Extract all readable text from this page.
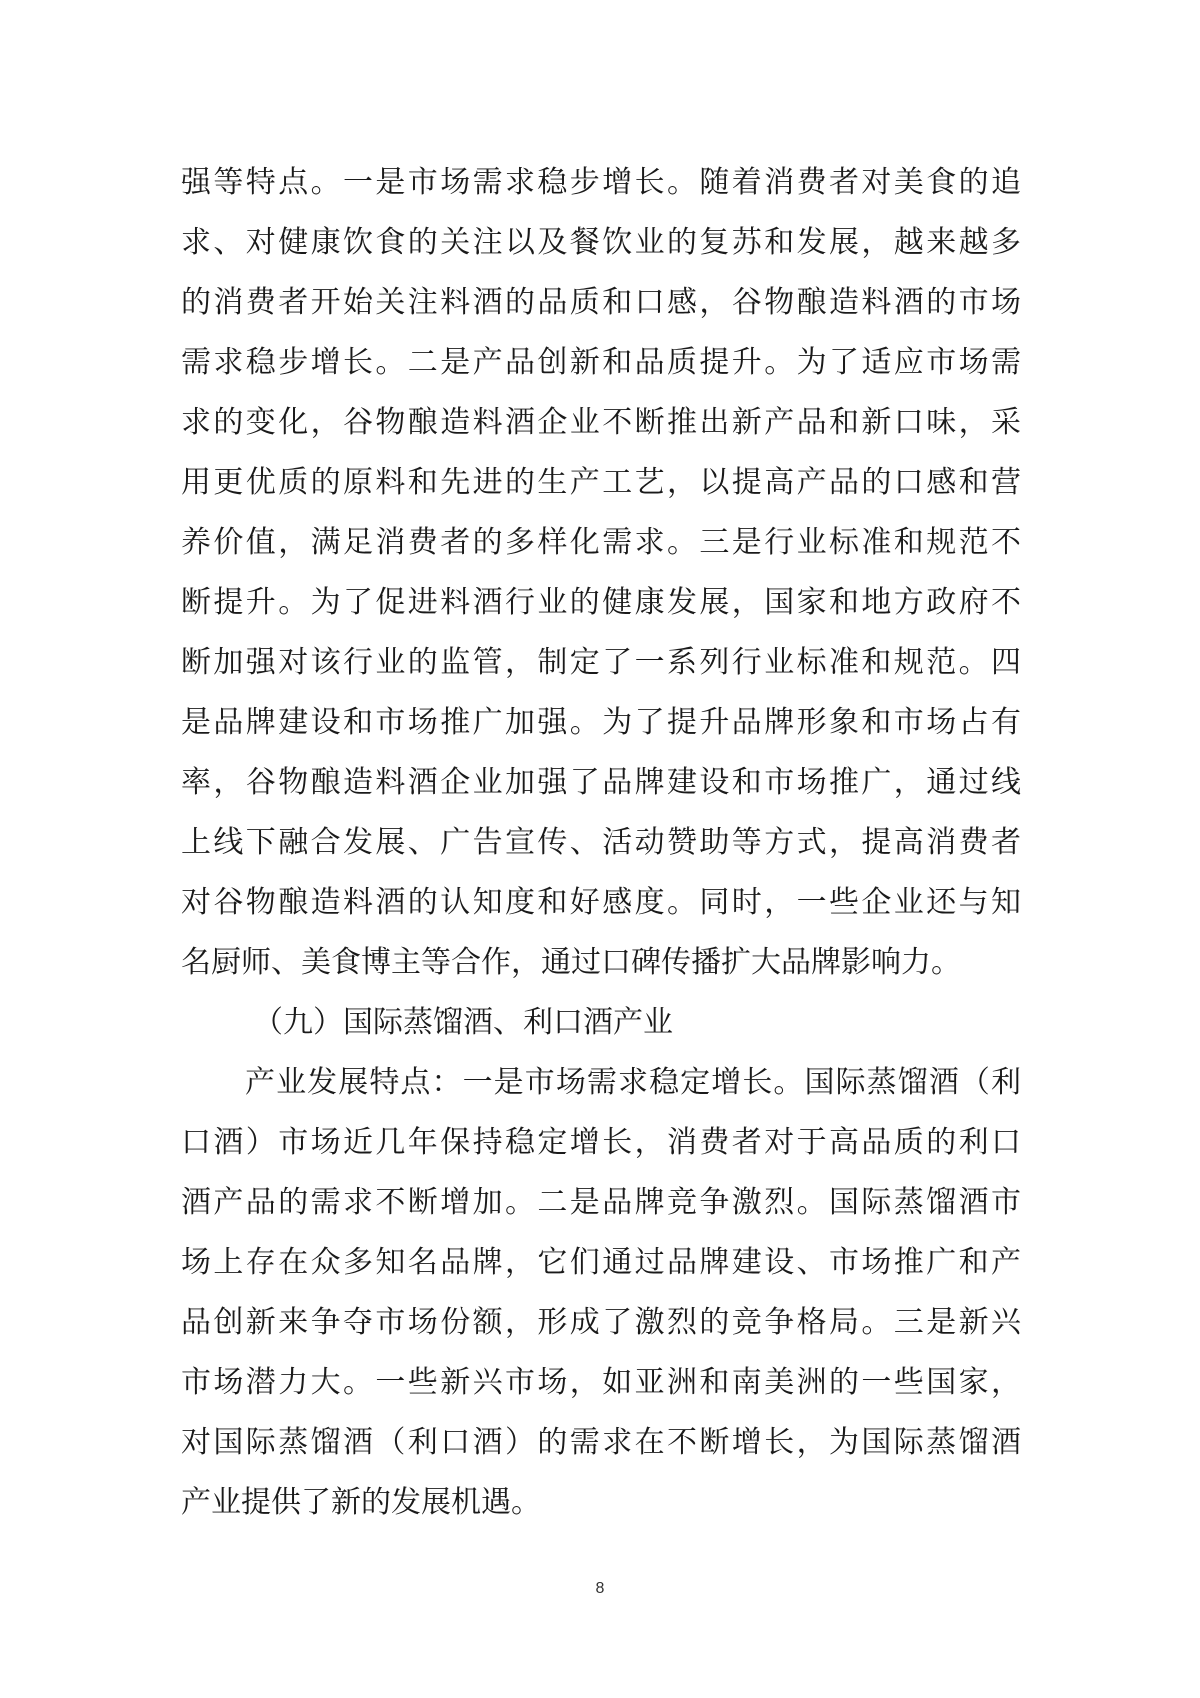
强等特点。一是市场需求稳步增长。随着消费者对美食的追
求、对健康饮食的关注以及餐饮业的复苏和发展，越来越多
的消费者开始关注料酒的品质和口感，谷物酿造料酒的市场
需求稳步增长。二是产品创新和品质提升。为了适应市场需
求的变化，谷物酿造料酒企业不断推出新产品和新口味，采
用更优质的原料和先进的生产工艺，以提高产品的口感和营
养价值，满足消费者的多样化需求。三是行业标准和规范不
断提升。为了促进料酒行业的健康发展，国家和地方政府不
断加强对该行业的监管，制定了一系列行业标准和规范。四
是品牌建设和市场推广加强。为了提升品牌形象和市场占有
率，谷物酿造料酒企业加强了品牌建设和市场推广，通过线
上线下融合发展、广告宣传、活动赞助等方式，提高消费者
对谷物酿造料酒的认知度和好感度。同时，一些企业还与知
名厨师、美食博主等合作，通过口碑传播扩大品牌影响力。
（九）国际蒸馏酒、利口酒产业
产业发展特点：一是市场需求稳定增长。国际蒸馏酒（利
口酒）市场近几年保持稳定增长，消费者对于高品质的利口
酒产品的需求不断增加。二是品牌竞争激烈。国际蒸馏酒市
场上存在众多知名品牌，它们通过品牌建设、市场推广和产
品创新来争夺市场份额，形成了激烈的竞争格局。三是新兴
市场潜力大。一些新兴市场，如亚洲和南美洲的一些国家，
对国际蒸馏酒（利口酒）的需求在不断增长，为国际蒸馏酒
产业提供了新的发展机遇。
8
